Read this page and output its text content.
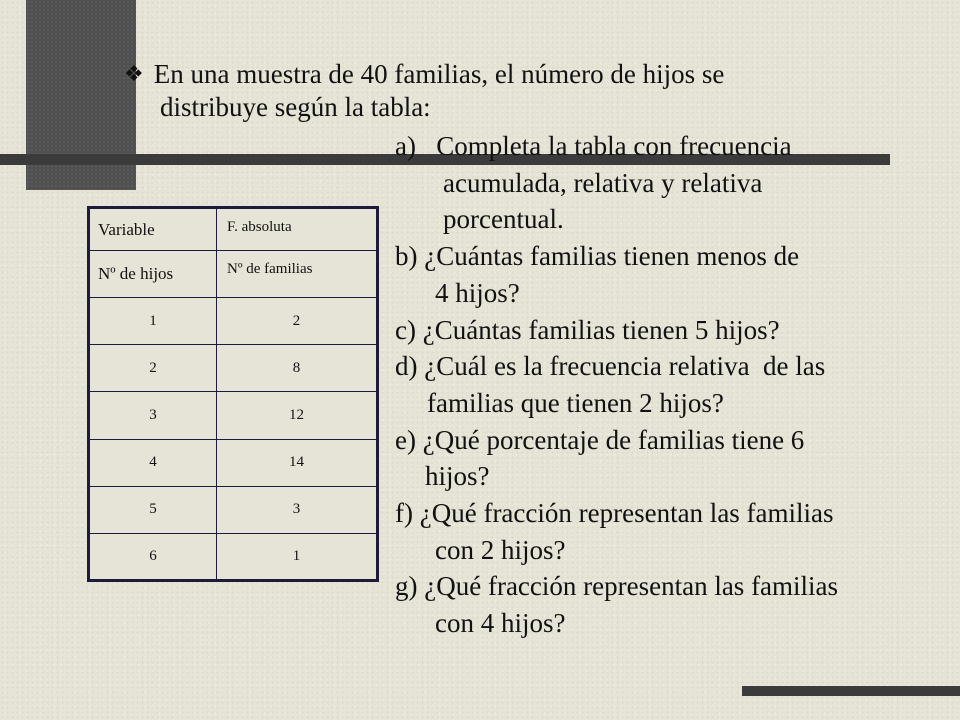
❖ En una muestra de 40 familias, el número de hijos se
distribuye según la tabla:
a)   Completa la tabla con frecuencia
acumulada, relativa y relativa
porcentual.
b) ¿Cuántas familias tienen menos de
4 hijos?
c) ¿Cuántas familias tienen 5 hijos?
d) ¿Cuál es la frecuencia relativa  de las
familias que tienen 2 hijos?
e) ¿Qué porcentaje de familias tiene 6
hijos?
f) ¿Qué fracción representan las familias
con 2 hijos?
g) ¿Qué fracción representan las familias
con 4 hijos?
Variable	F. absoluta
Nº de hijos	Nº de familias
1	2
2	8
3	12
4	14
5	3
6	1
